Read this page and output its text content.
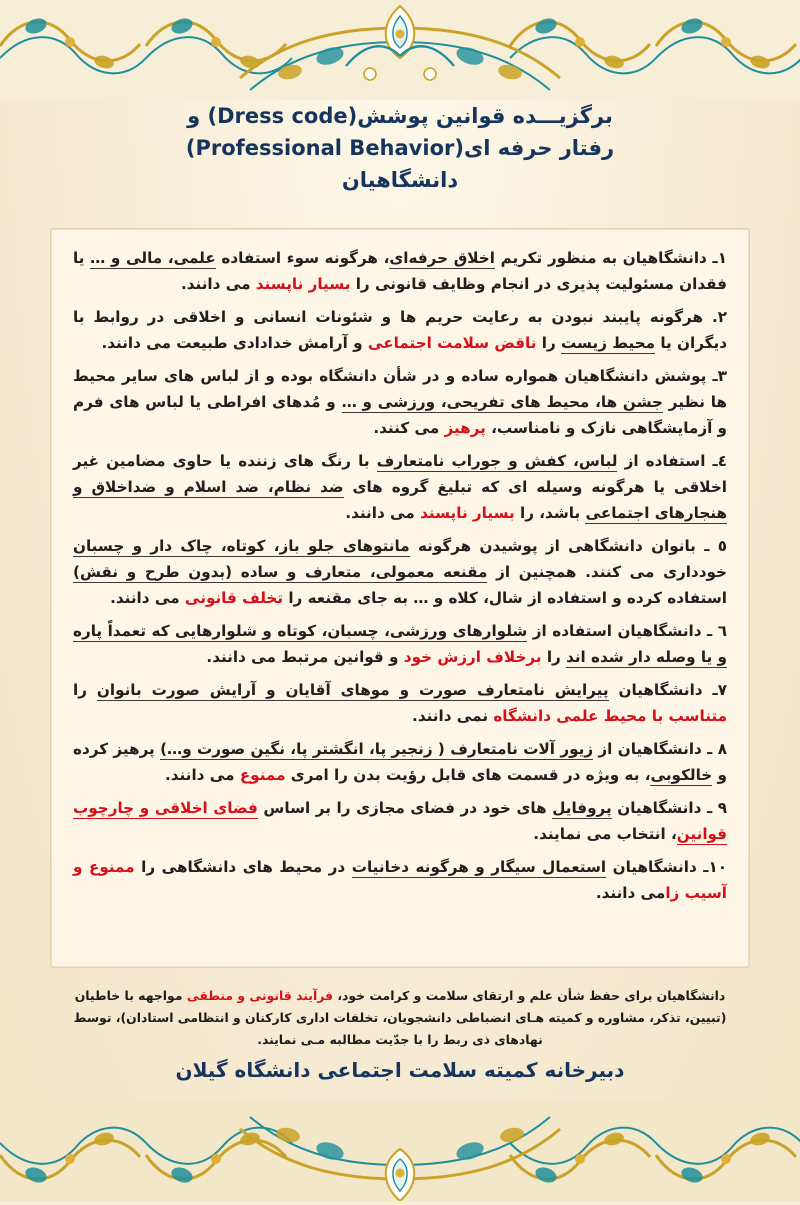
برگزیـــده قوانین پوشش(Dress code) و
رفتار حرفه ای(Professional Behavior)
دانشگاهیان
۱ـ دانشگاهیان به منظور تکریم اخلاق حرفه‌ای، هرگونه سوء استفاده علمی، مالی و … یا فقدان مسئولیت پذیری در انجام وظایف قانونی را بسیار ناپسند می دانند.
۲. هرگونه پایبند نبودن به رعایت حریم ها و شئونات انسانی و اخلاقی در روابط با دیگران یا محیط زیست را ناقض سلامت اجتماعی و آرامش خدادادی طبیعت می دانند.
۳ـ پوشش دانشگاهیان همواره ساده و در شأن دانشگاه بوده و از لباس های سایر محیط ها نظیر جشن ها، محیط های تفریحی، ورزشی و … و مُدهای افراطی یا لباس های فرم و آزمایشگاهی نازک و نامناسب، پرهیز می کنند.
٤ـ استفاده از لباس، کفش و جوراب نامتعارف با رنگ های زننده یا حاوی مضامین غیر اخلاقی یا هرگونه وسیله ای که تبلیغ گروه های ضد نظام، ضد اسلام و ضداخلاق و هنجارهای اجتماعی باشد، را بسیار ناپسند می دانند.
٥ ـ بانوان دانشگاهی از پوشیدن هرگونه مانتوهای جلو باز، کوتاه، چاک دار و چسبان خودداری می کنند. همچنین از مقنعه معمولی، متعارف و ساده (بدون طرح و نقش) استفاده کرده و استفاده از شال، کلاه و … به جای مقنعه را تخلف قانونی می دانند.
٦ ـ دانشگاهیان استفاده از شلوارهای ورزشی، چسبان، کوتاه و شلوارهایی که تعمداً پاره و یا وصله دار شده اند را برخلاف ارزش خود و قوانین مرتبط می دانند.
۷ـ دانشگاهیان پیرایش نامتعارف صورت و موهای آقایان و آرایش صورت بانوان را متناسب با محیط علمی دانشگاه نمی دانند.
۸ ـ دانشگاهیان از زیور آلات نامتعارف ( زنجیر پا، انگشتر پا، نگین صورت و…) پرهیز کرده و خالکوبی، به ویژه در قسمت های قابل رؤیت بدن را امری ممنوع می دانند.
۹ ـ دانشگاهیان پروفایل های خود در فضای مجازی را بر اساس فضای اخلاقی و چارچوب قوانین، انتخاب می نمایند.
۱۰ـ دانشگاهیان استعمال سیگار و هرگونه دخانیات در محیط های دانشگاهی را ممنوع و آسیب زامی دانند.
دانشگاهیان برای حفظ شأن علم و ارتقای سلامت و کرامت خود، فرآیند قانونی و منطقی مواجهه با خاطیان (تبیین، تذکر، مشاوره و کمیته هـای انضباطی دانشجویان، تخلفات اداری کارکنان و انتظامی استادان)، توسط نهادهای ذی ربط را با جدّیت مطالبه مـی نمایند.
دبیرخانه کمیته سلامت اجتماعی دانشگاه گیلان
